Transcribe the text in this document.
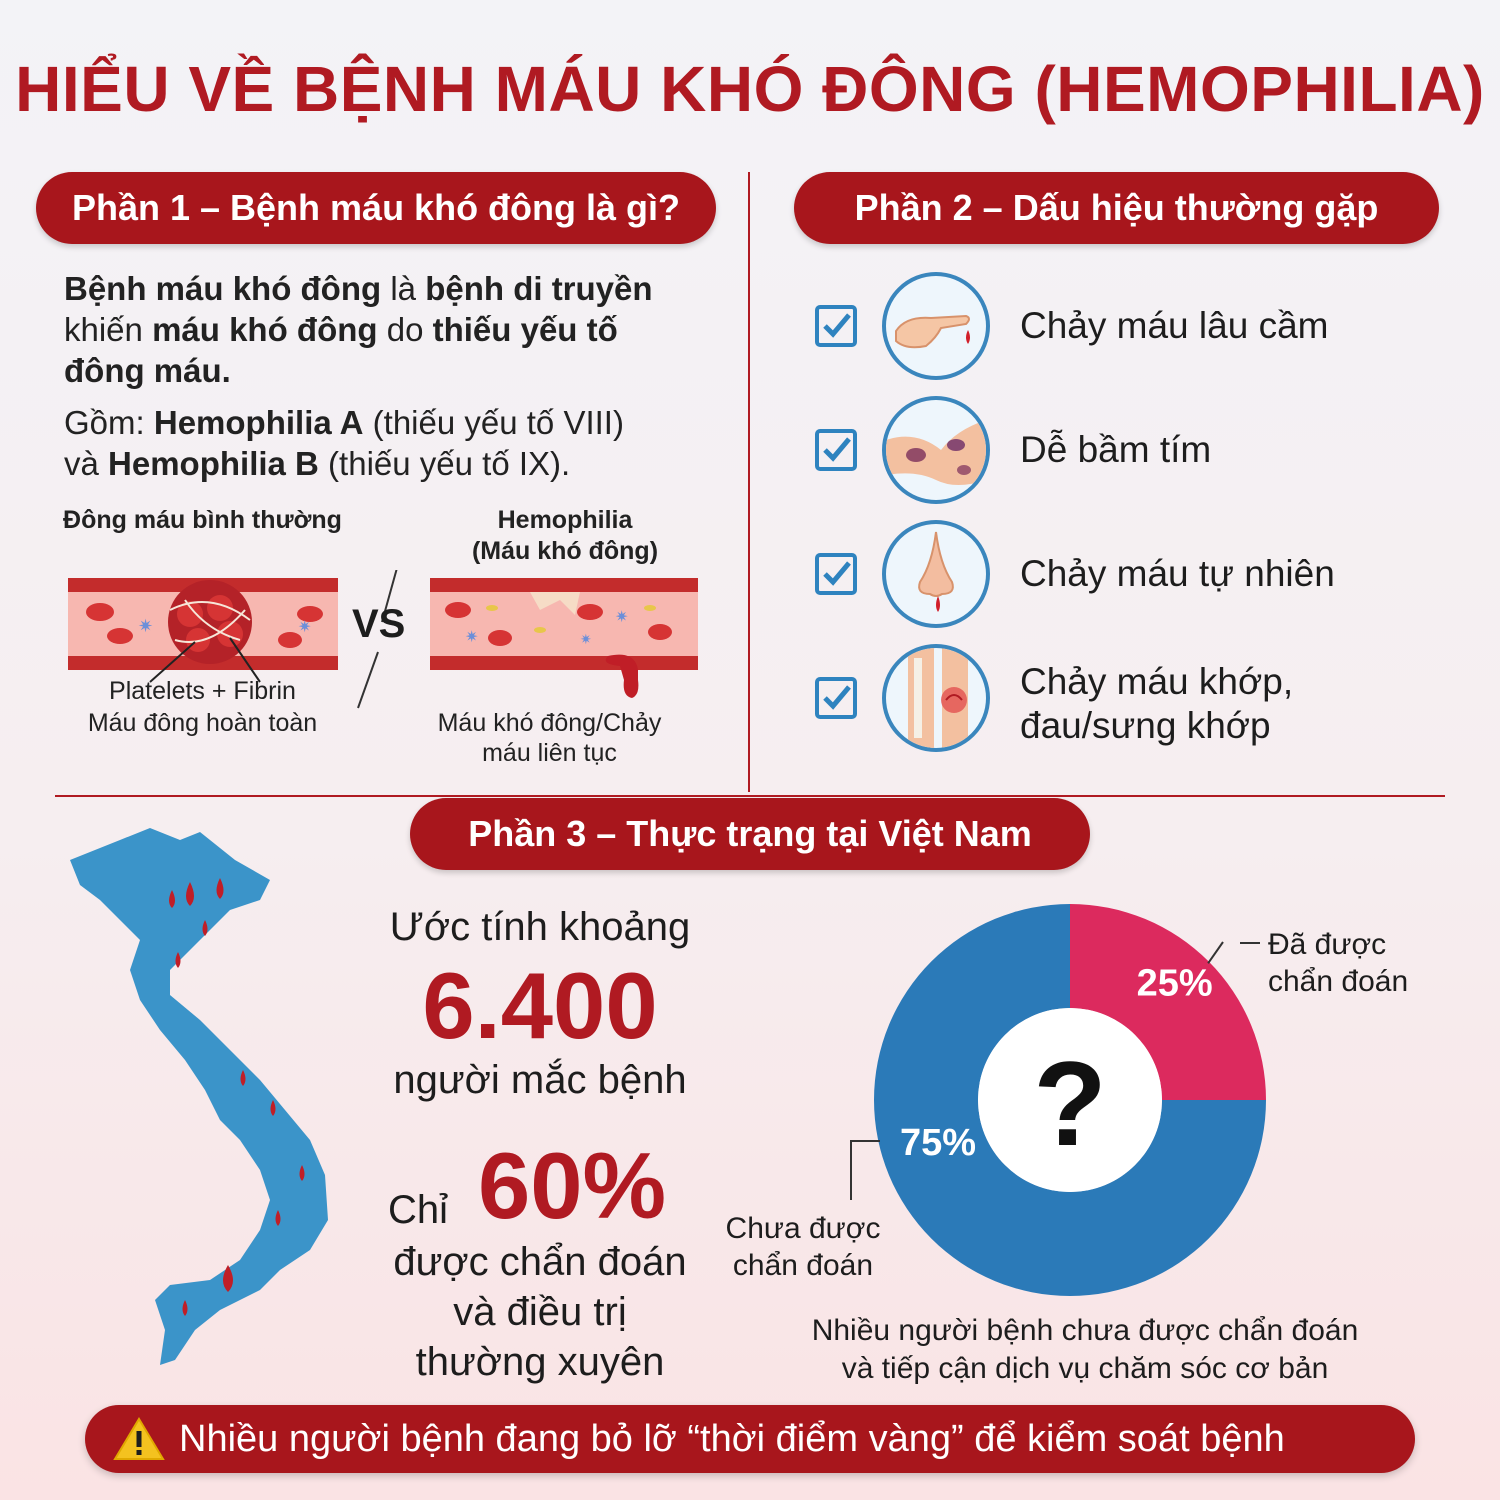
HIỂU VỀ BỆNH MÁU KHÓ ĐÔNG (HEMOPHILIA)
Phần 1 – Bệnh máu khó đông là gì?
Bệnh máu khó đông là bệnh di truyền
khiến máu khó đông do thiếu yếu tố
đông máu.
Gồm: Hemophilia A (thiếu yếu tố VIII)
và Hemophilia B (thiếu yếu tố IX).
Đông máu bình thường	Hemophilia
(Máu khó đông)
✷	✷
✷
✷
✷
VS
Platelets + Fibrin
Máu đông hoàn toàn	Máu khó đông/Chảy
máu liên tục
Phần 2 – Dấu hiệu thường gặp
Chảy máu lâu cầm
Dễ bầm tím
Chảy máu tự nhiên
Chảy máu khớp,
đau/sưng khớp
Phần 3 – Thực trạng tại Việt Nam
Ước tính khoảng
6.400
người mắc bệnh
Chỉ 60%
được chẩn đoán
và điều trị
thường xuyên
25%
75% ?
Đã được
chẩn đoán
Chưa được
chẩn đoán
Nhiều người bệnh chưa được chẩn đoán
và tiếp cận dịch vụ chăm sóc cơ bản
Nhiều người bệnh đang bỏ lỡ “thời điểm vàng” để kiểm soát bệnh
